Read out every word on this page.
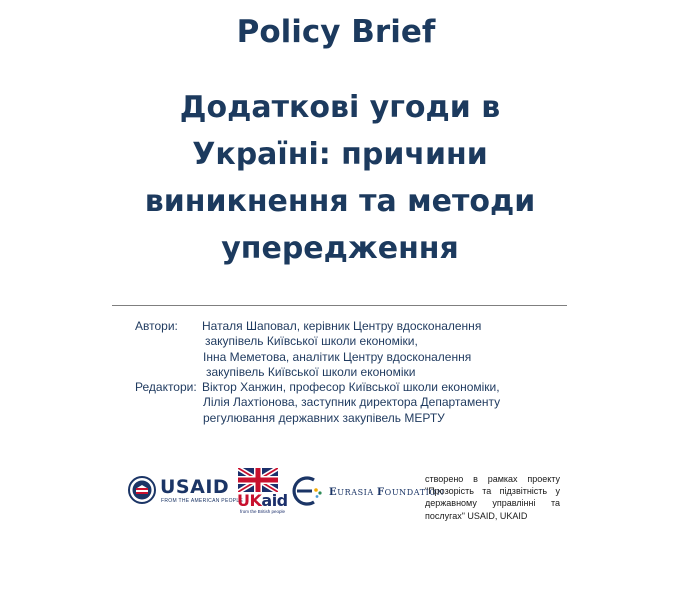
Policy Brief
Додаткові угоди в
Україні: причини
виникнення та методи
упередження
Автори: Наталя Шаповал, керівник Центру вдосконалення
закупівель Київської школи економіки,
Інна Меметова, аналітик Центру вдосконалення
закупівель Київської школи економіки
Редактори: Віктор Ханжин, професор Київської школи економіки,
Лілія Лахтіонова, заступник директора Департаменту
регулювання державних закупівель МЕРТУ
USAID
FROM THE AMERICAN PEOPLE
UKaid
from the British people
EURASIA FOUNDATION
створено в рамках проекту
"Прозорість та підзвітність у
державному управлінні та
послугах" USAID, UKAID
